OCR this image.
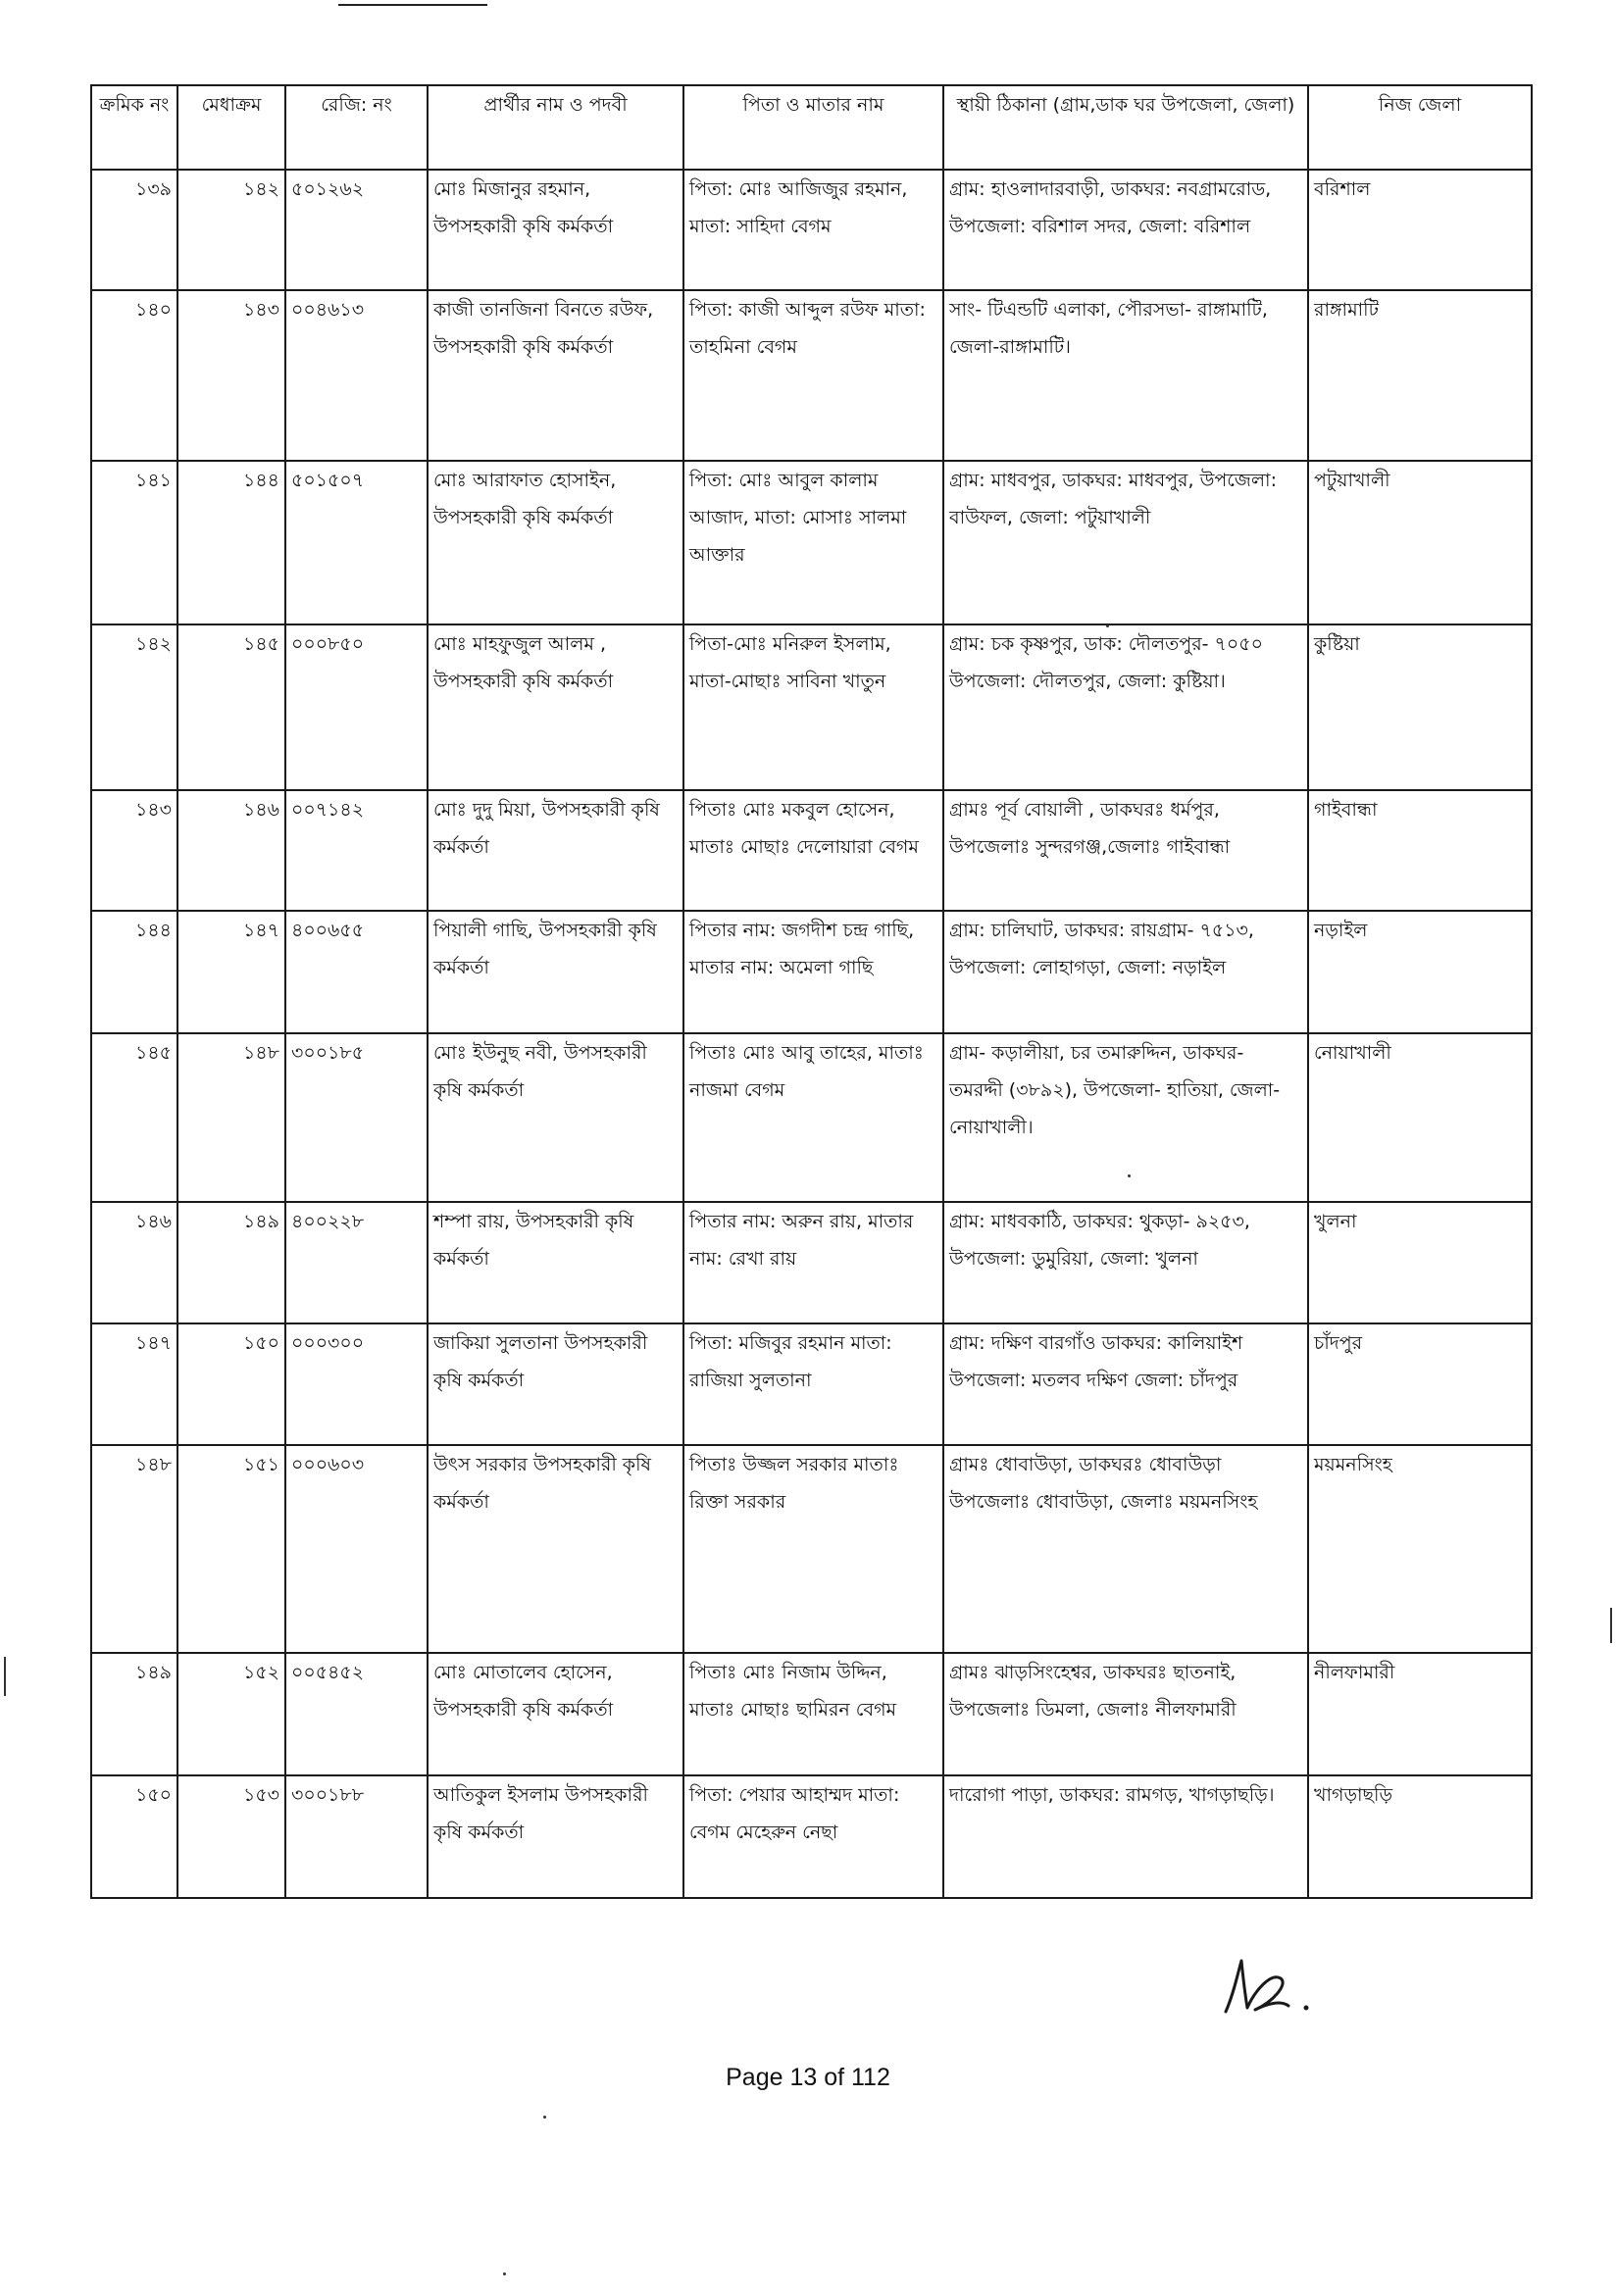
ক্রমিক নং	মেধাক্রম	রেজি: নং	প্রার্থীর নাম ও পদবী	পিতা ও মাতার নাম	স্থায়ী ঠিকানা (গ্রাম,ডাক ঘর উপজেলা, জেলা)	নিজ জেলা
১৩৯	১৪২	৫০১২৬২	মোঃ মিজানুর রহমান, উপসহকারী কৃষি কর্মকর্তা	পিতা: মোঃ আজিজুর রহমান, মাতা: সাহিদা বেগম	গ্রাম: হাওলাদারবাড়ী, ডাকঘর: নবগ্রামরোড, উপজেলা: বরিশাল সদর, জেলা: বরিশাল	বরিশাল
১৪০	১৪৩	০০৪৬১৩	কাজী তানজিনা বিনতে রউফ, উপসহকারী কৃষি কর্মকর্তা	পিতা: কাজী আব্দুল রউফ মাতা: তাহমিনা বেগম	সাং- টিএন্ডটি এলাকা, পৌরসভা- রাঙ্গামাটি, জেলা-রাঙ্গামাটি।	রাঙ্গামাটি
১৪১	১৪৪	৫০১৫০৭	মোঃ আরাফাত হোসাইন, উপসহকারী কৃষি কর্মকর্তা	পিতা: মোঃ আবুল কালাম আজাদ, মাতা: মোসাঃ সালমা আক্তার	গ্রাম: মাধবপুর, ডাকঘর: মাধবপুর, উপজেলা: বাউফল, জেলা: পটুয়াখালী	পটুয়াখালী
১৪২	১৪৫	০০০৮৫০	মোঃ মাহফুজুল আলম , উপসহকারী কৃষি কর্মকর্তা	পিতা-মোঃ মনিরুল ইসলাম, মাতা-মোছাঃ সাবিনা খাতুন	গ্রাম: চক কৃষ্ণপুর, ডাক: দৌলতপুর- ৭০৫০ উপজেলা: দৌলতপুর, জেলা: কুষ্টিয়া।	কুষ্টিয়া
১৪৩	১৪৬	০০৭১৪২	মোঃ দুদু মিয়া, উপসহকারী কৃষি কর্মকর্তা	পিতাঃ মোঃ মকবুল হোসেন, মাতাঃ মোছাঃ দেলোয়ারা বেগম	গ্রামঃ পূর্ব বোয়ালী , ডাকঘরঃ ধর্মপুর, উপজেলাঃ সুন্দরগঞ্জ,জেলাঃ গাইবান্ধা	গাইবান্ধা
১৪৪	১৪৭	৪০০৬৫৫	পিয়ালী গাছি, উপসহকারী কৃষি কর্মকর্তা	পিতার নাম: জগদীশ চন্দ্র গাছি, মাতার নাম: অমেলা গাছি	গ্রাম: চালিঘাট, ডাকঘর: রায়গ্রাম- ৭৫১৩, উপজেলা: লোহাগড়া, জেলা: নড়াইল	নড়াইল
১৪৫	১৪৮	৩০০১৮৫	মোঃ ইউনুছ নবী, উপসহকারী কৃষি কর্মকর্তা	পিতাঃ মোঃ আবু তাহের, মাতাঃ নাজমা বেগম	গ্রাম- কড়ালীয়া, চর তমারুদ্দিন, ডাকঘর- তমরদ্দী (৩৮৯২), উপজেলা- হাতিয়া, জেলা- নোয়াখালী।	নোয়াখালী
১৪৬	১৪৯	৪০০২২৮	শম্পা রায়, উপসহকারী কৃষি কর্মকর্তা	পিতার নাম: অরুন রায়, মাতার নাম: রেখা রায়	গ্রাম: মাধবকাঠি, ডাকঘর: থুকড়া- ৯২৫৩, উপজেলা: ডুমুরিয়া, জেলা: খুলনা	খুলনা
১৪৭	১৫০	০০০৩০০	জাকিয়া সুলতানা উপসহকারী কৃষি কর্মকর্তা	পিতা: মজিবুর রহমান মাতা: রাজিয়া সুলতানা	গ্রাম: দক্ষিণ বারগাঁও ডাকঘর: কালিয়াইশ উপজেলা: মতলব দক্ষিণ জেলা: চাঁদপুর	চাঁদপুর
১৪৮	১৫১	০০০৬০৩	উৎস সরকার উপসহকারী কৃষি কর্মকর্তা	পিতাঃ উজ্জল সরকার মাতাঃ রিক্তা সরকার	গ্রামঃ ধোবাউড়া, ডাকঘরঃ ধোবাউড়া উপজেলাঃ ধোবাউড়া, জেলাঃ ময়মনসিংহ	ময়মনসিংহ
১৪৯	১৫২	০০৫৪৫২	মোঃ মোতালেব হোসেন, উপসহকারী কৃষি কর্মকর্তা	পিতাঃ মোঃ নিজাম উদ্দিন, মাতাঃ মোছাঃ ছামিরন বেগম	গ্রামঃ ঝাড়সিংহেশ্বর, ডাকঘরঃ ছাতনাই, উপজেলাঃ ডিমলা, জেলাঃ নীলফামারী	নীলফামারী
১৫০	১৫৩	৩০০১৮৮	আতিকুল ইসলাম উপসহকারী কৃষি কর্মকর্তা	পিতা: পেয়ার আহাম্মদ মাতা: বেগম মেহেরুন নেছা	দারোগা পাড়া, ডাকঘর: রামগড়, খাগড়াছড়ি।	খাগড়াছড়ি
Page 13 of 112
